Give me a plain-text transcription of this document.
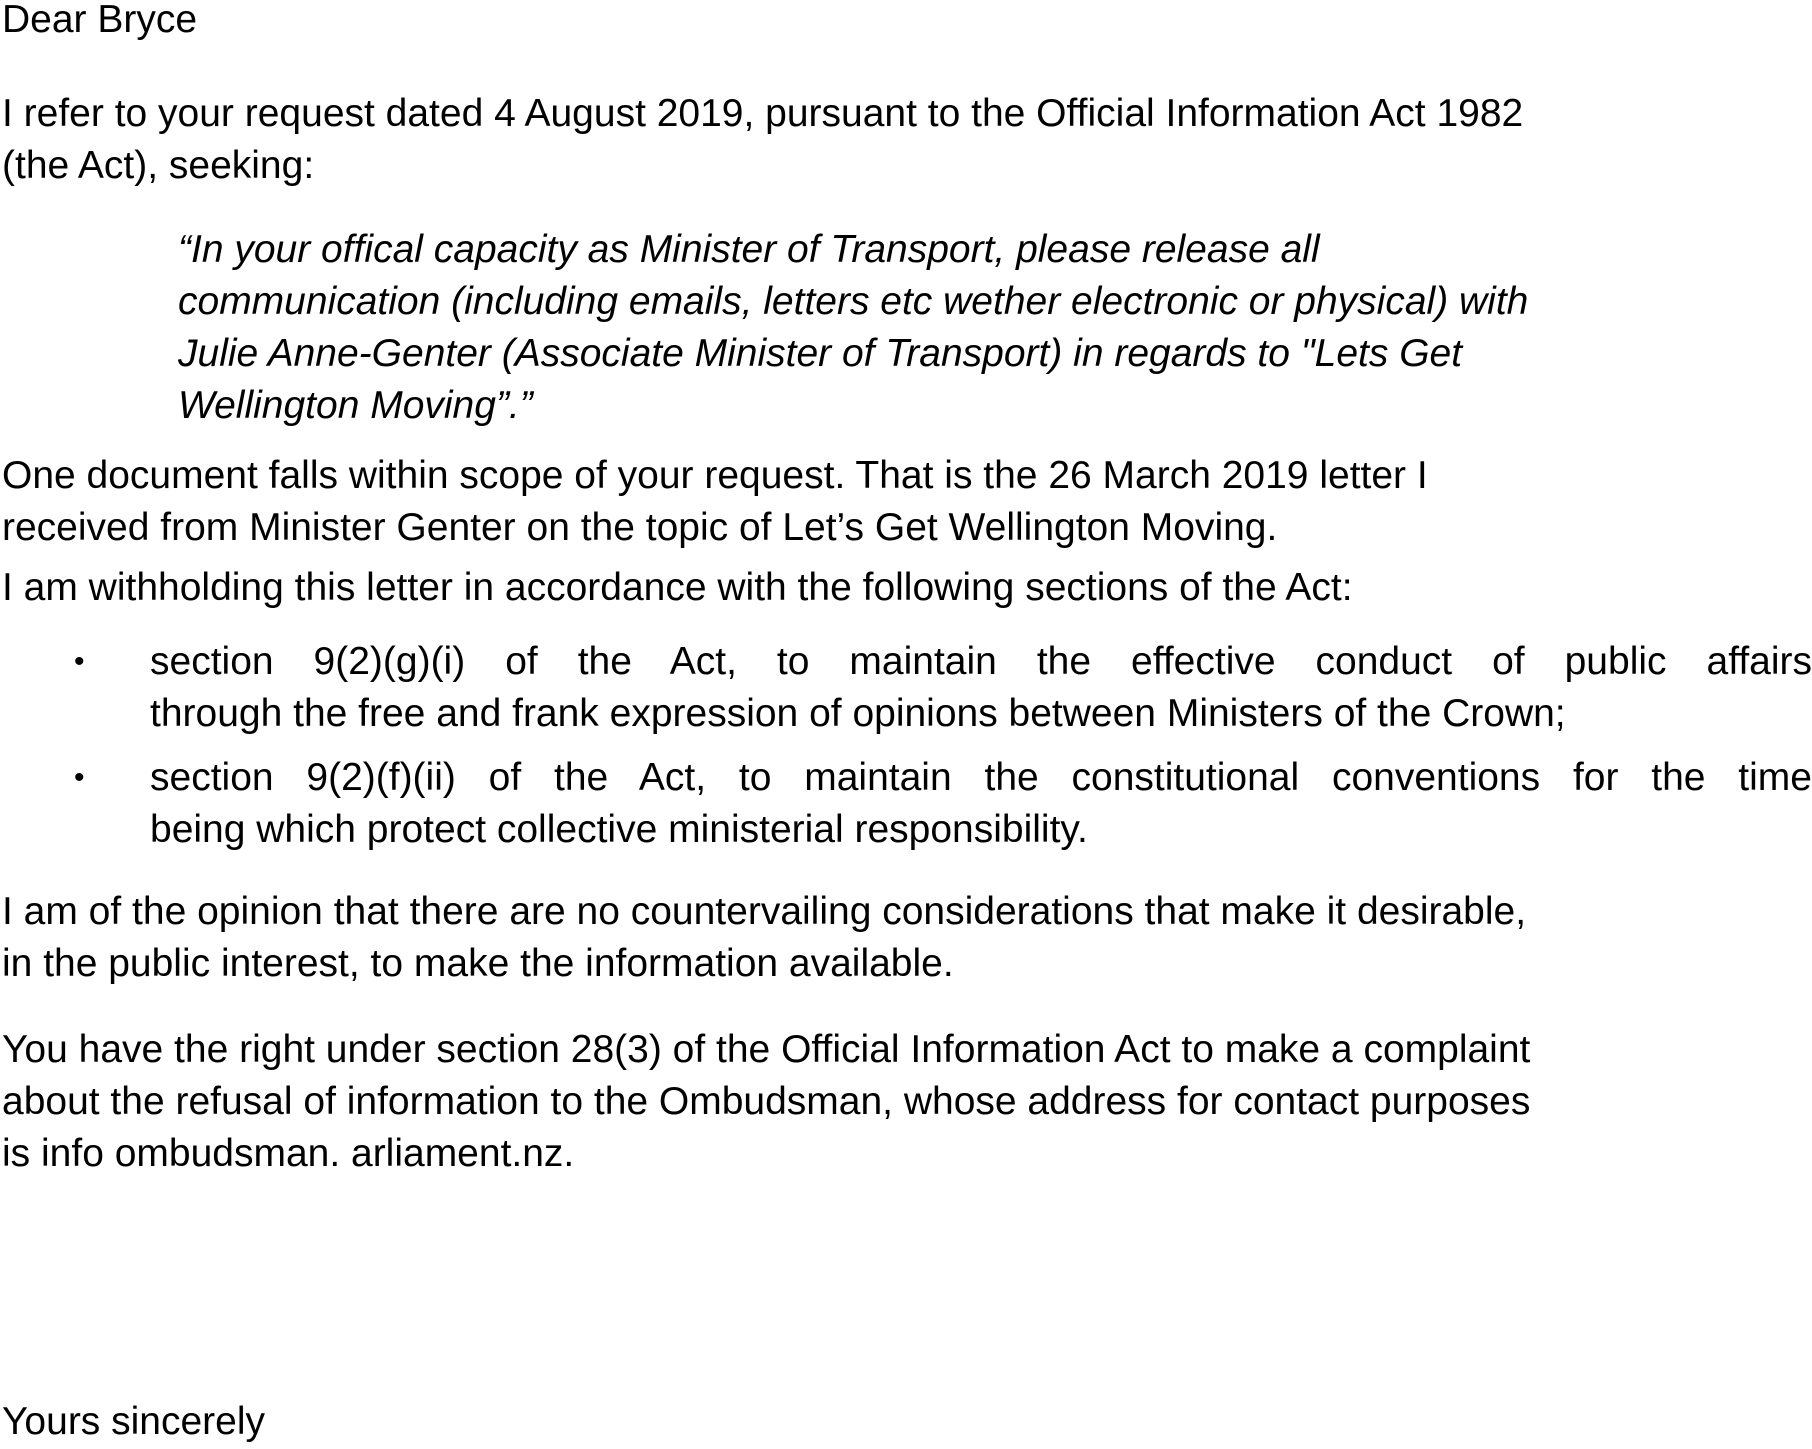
Dear Bryce

I refer to your request dated 4 August 2019, pursuant to the Official Information Act 1982
(the Act), seeking:

“In your offical capacity as Minister of Transport, please release all
communication (including emails, letters etc wether electronic or physical) with
Julie Anne-Genter (Associate Minister of Transport) in regards to "Lets Get
Wellington Moving”.”

One document falls within scope of your request. That is the 26 March 2019 letter I
received from Minister Genter on the topic of Let’s Get Wellington Moving.

I am withholding this letter in accordance with the following sections of the Act:

•	section 9(2)(g)(i) of the Act, to maintain the effective conduct of public affairs
through the free and frank expression of opinions between Ministers of the Crown;
•	section 9(2)(f)(ii) of the Act, to maintain the constitutional conventions for the time
being which protect collective ministerial responsibility.

I am of the opinion that there are no countervailing considerations that make it desirable,
in the public interest, to make the information available.

You have the right under section 28(3) of the Official Information Act to make a complaint
about the refusal of information to the Ombudsman, whose address for contact purposes
is info ombudsman. arliament.nz.

Yours sincerely
